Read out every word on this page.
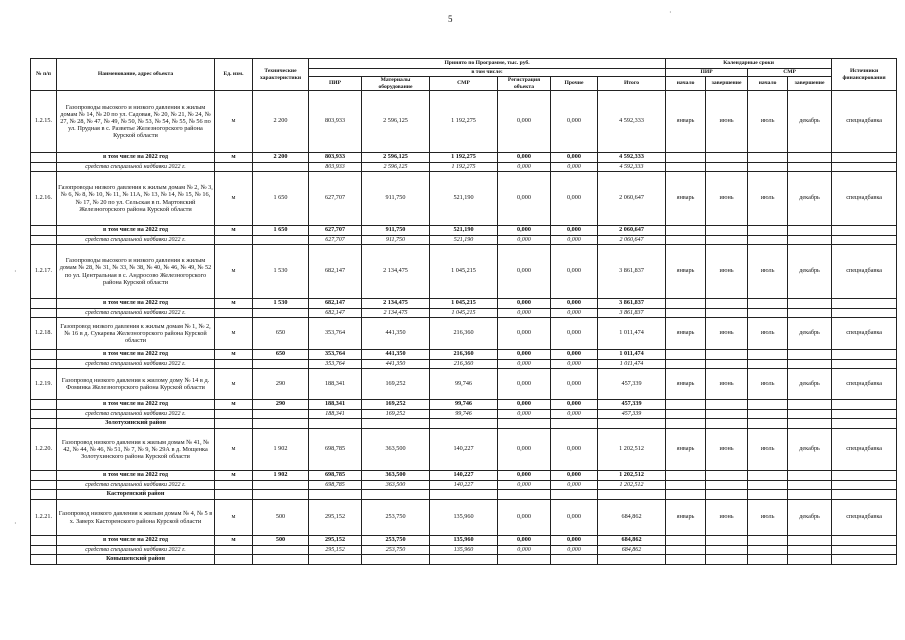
5
·
·
·
№ п/п	Наименование, адрес объекта	Ед. изм.	Технические характеристики	Принято по Программе, тыс. руб.						Календарные сроки				Источники финансирования
				в том числе:						ПИР		СМР		
				ПИР	Материалы оборудование	СМР	Регистрация объекта	Прочие	Итого	начало	завершение	начало	завершение	
1.2.15.	Газопроводы высокого и низкого давления к жилым домам № 14, № 20 по ул. Садовая, № 20, № 21, № 24, № 27, № 28, № 47, № 49, № 50, № 53, № 54, № 55, № 56 по ул. Прудная в с. Разветье Железногорского района Курской области	м	2 200	803,933	2 596,125	1 192,275	0,000	0,000	4 592,333	январь	июнь	июль	декабрь	спецнадбавка
	в том числе на 2022 год	м	2 200	803,933	2 596,125	1 192,275	0,000	0,000	4 592,333					
	средства специальной надбавки 2022 г.			803,933	2 596,125	1 192,275	0,000	0,000	4 592,333					
1.2.16.	Газопроводы низкого давления к жилым домам № 2, № 3, № 6, № 8, № 10, № 11, № 11А, № 13, № 14, № 15, № 16, № 17, № 20 по ул. Сельская в п. Мартовский Железногорского района Курской области	м	1 650	627,707	911,750	521,190	0,000	0,000	2 060,647	январь	июнь	июль	декабрь	спецнадбавка
	в том числе на 2022 год	м	1 650	627,707	911,750	521,190	0,000	0,000	2 060,647					
	средства специальной надбавки 2022 г.			627,707	911,750	521,190	0,000	0,000	2 060,647					
1.2.17.	Газопроводы высокого и низкого давления к жилым домам № 28, № 31, № 33, № 38, № 40, № 46, № 49, № 52 по ул. Центральная в с. Андросово Железногорского района Курской области	м	1 530	682,147	2 134,475	1 045,215	0,000	0,000	3 861,837	январь	июнь	июль	декабрь	спецнадбавка
	в том числе на 2022 год	м	1 530	682,147	2 134,475	1 045,215	0,000	0,000	3 861,837					
	средства специальной надбавки 2022 г.			682,147	2 134,475	1 045,215	0,000	0,000	3 861,837					
1.2.18.	Газопровод низкого давления к жилым домам № 1, № 2, № 16 в д. Сукарева Железногорского района Курской области	м	650	353,764	441,350	216,360	0,000	0,000	1 011,474	январь	июнь	июль	декабрь	спецнадбавка
	в том числе на 2022 год	м	650	353,764	441,350	216,360	0,000	0,000	1 011,474					
	средства специальной надбавки 2022 г.			353,764	441,350	216,360	0,000	0,000	1 011,474					
1.2.19.	Газопровод низкого давления к жилому дому № 14 в д. Фоминка Железногорского района Курской области	м	290	188,341	169,252	99,746	0,000	0,000	457,339	январь	июнь	июль	декабрь	спецнадбавка
	в том числе на 2022 год	м	290	188,341	169,252	99,746	0,000	0,000	457,339					
	средства специальной надбавки 2022 г.			188,341	169,252	99,746	0,000	0,000	457,339					
	Золотухинский район													
1.2.20.	Газопровод низкого давления к жилым домам № 41, № 42, № 44, № 46, № 51, № 7, № 9, № 29А в д. Мощенка Золотухинского района Курской области	м	1 902	698,785	363,500	140,227	0,000	0,000	1 202,512	январь	июнь	июль	декабрь	спецнадбавка
	в том числе на 2022 год	м	1 902	698,785	363,500	140,227	0,000	0,000	1 202,512					
	средства специальной надбавки 2022 г.			698,785	363,500	140,227	0,000	0,000	1 202,512					
	Касторенский район													
1.2.21.	Газопровод низкого давления к жилым домам № 4, № 5 в х. Заверх Касторенского района Курской области	м	500	295,152	253,750	135,960	0,000	0,000	684,862	январь	июнь	июль	декабрь	спецнадбавка
	в том числе на 2022 год	м	500	295,152	253,750	135,960	0,000	0,000	684,862					
	средства специальной надбавки 2022 г.			295,152	253,750	135,960	0,000	0,000	684,862					
	Конышевский район													
